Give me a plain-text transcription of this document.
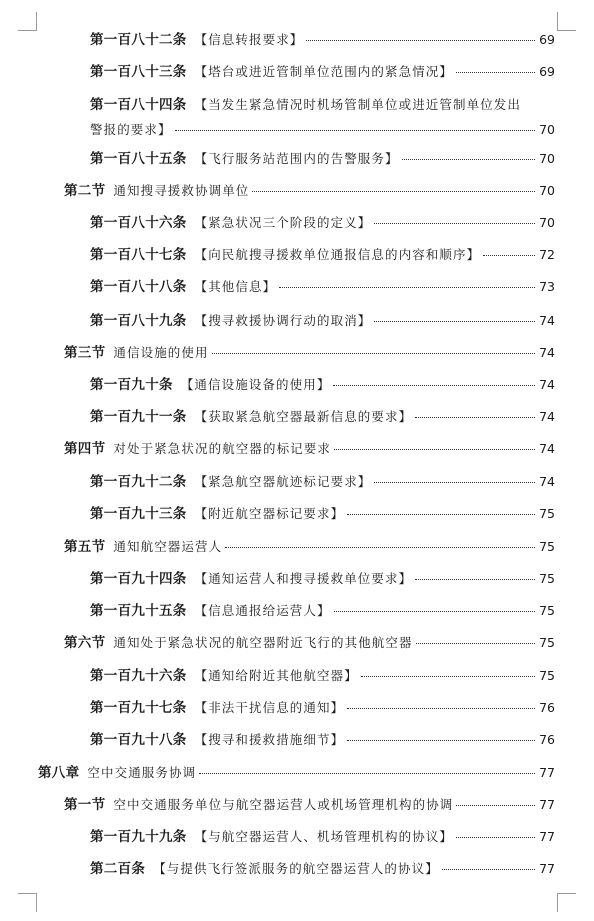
第一百八十二条 【信息转报要求】	69
第一百八十三条 【塔台或进近管制单位范围内的紧急情况】	69
第一百八十四条 【当发生紧急情况时机场管制单位或进近管制单位发出
警报的要求】	70
第一百八十五条 【飞行服务站范围内的告警服务】	70
第二节 通知搜寻援救协调单位	70
第一百八十六条 【紧急状况三个阶段的定义】	70
第一百八十七条 【向民航搜寻援救单位通报信息的内容和顺序】	72
第一百八十八条 【其他信息】	73
第一百八十九条 【搜寻救援协调行动的取消】	74
第三节 通信设施的使用	74
第一百九十条 【通信设施设备的使用】	74
第一百九十一条 【获取紧急航空器最新信息的要求】	74
第四节 对处于紧急状况的航空器的标记要求	74
第一百九十二条 【紧急航空器航迹标记要求】	74
第一百九十三条 【附近航空器标记要求】	75
第五节 通知航空器运营人	75
第一百九十四条 【通知运营人和搜寻援救单位要求】	75
第一百九十五条 【信息通报给运营人】	75
第六节 通知处于紧急状况的航空器附近飞行的其他航空器	75
第一百九十六条 【通知给附近其他航空器】	75
第一百九十七条 【非法干扰信息的通知】	76
第一百九十八条 【搜寻和援救措施细节】	76
第八章 空中交通服务协调	77
第一节 空中交通服务单位与航空器运营人或机场管理机构的协调	77
第一百九十九条 【与航空器运营人、机场管理机构的协议】	77
第二百条 【与提供飞行签派服务的航空器运营人的协议】	77
